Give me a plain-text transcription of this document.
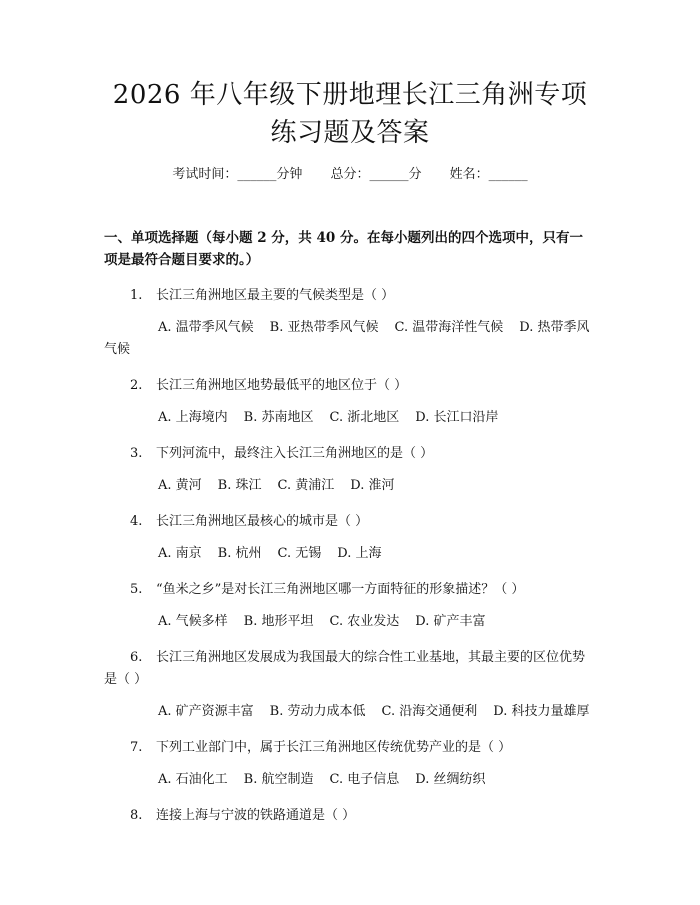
2026 年八年级下册地理长江三角洲专项练习题及答案
考试时间：______分钟 总分：______分 姓名：______
一、单项选择题（每小题 2 分，共 40 分。在每小题列出的四个选项中，只有一项是最符合题目要求的。）
1. 长江三角洲地区最主要的气候类型是（ ）
A. 温带季风气候 B. 亚热带季风气候 C. 温带海洋性气候 D. 热带季风气候
2. 长江三角洲地区地势最低平的地区位于（ ）
A. 上海境内 B. 苏南地区 C. 浙北地区 D. 长江口沿岸
3. 下列河流中，最终注入长江三角洲地区的是（ ）
A. 黄河 B. 珠江 C. 黄浦江 D. 淮河
4. 长江三角洲地区最核心的城市是（ ）
A. 南京 B. 杭州 C. 无锡 D. 上海
5. “鱼米之乡”是对长江三角洲地区哪一方面特征的形象描述？（ ）
A. 气候多样 B. 地形平坦 C. 农业发达 D. 矿产丰富
6. 长江三角洲地区发展成为我国最大的综合性工业基地，其最主要的区位优势是（ ）
A. 矿产资源丰富 B. 劳动力成本低 C. 沿海交通便利 D. 科技力量雄厚
7. 下列工业部门中，属于长江三角洲地区传统优势产业的是（ ）
A. 石油化工 B. 航空制造 C. 电子信息 D. 丝绸纺织
8. 连接上海与宁波的铁路通道是（ ）
